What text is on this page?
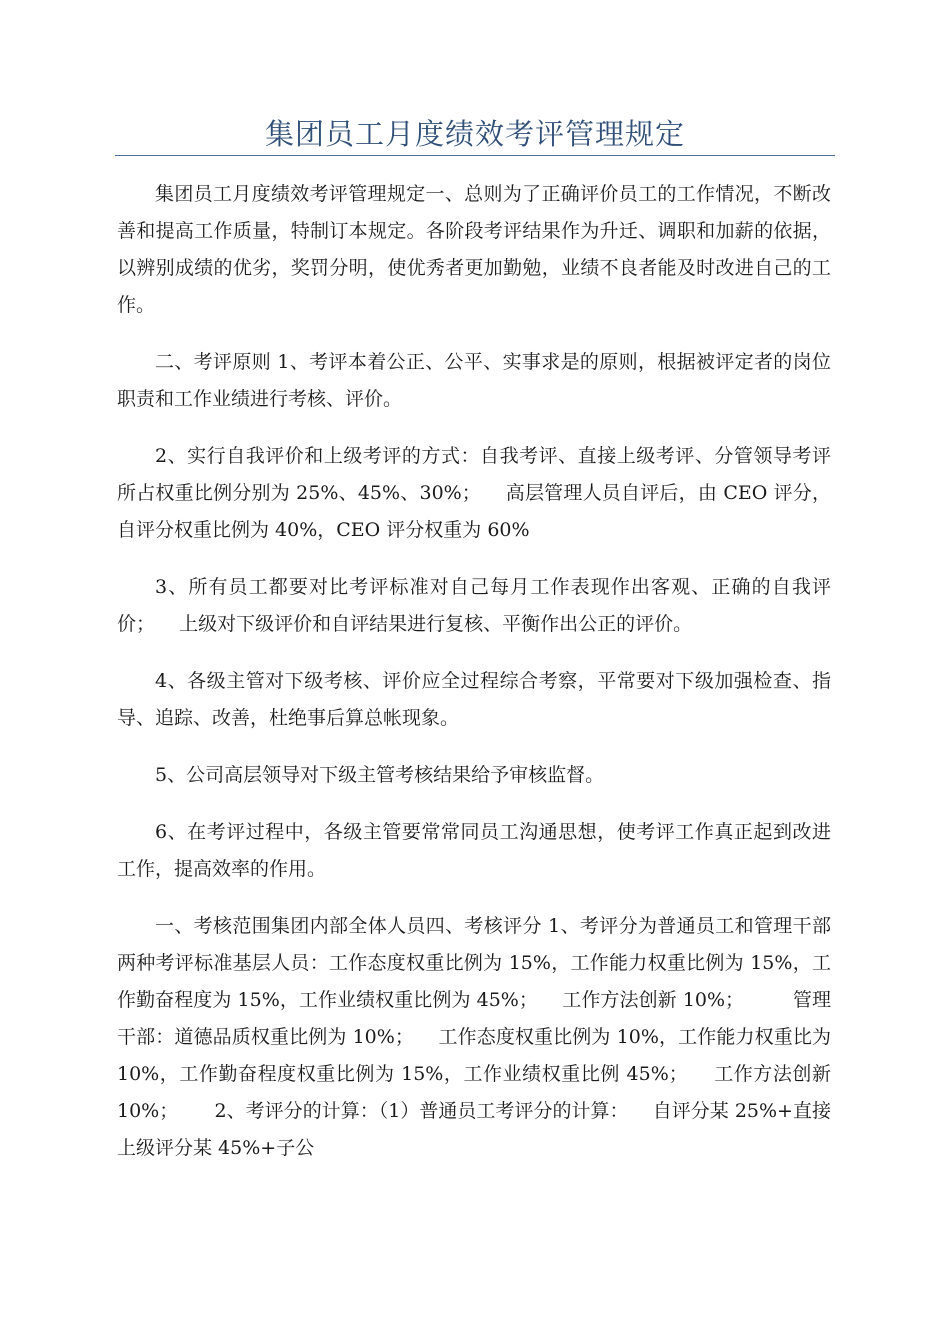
集团员工月度绩效考评管理规定

集团员工月度绩效考评管理规定一、总则为了正确评价员工的工作情况，不断改善和提高工作质量，特制订本规定。各阶段考评结果作为升迁、调职和加薪的依据，以辨别成绩的优劣，奖罚分明，使优秀者更加勤勉，业绩不良者能及时改进自己的工作。

二、考评原则 1、考评本着公正、公平、实事求是的原则，根据被评定者的岗位职责和工作业绩进行考核、评价。

2、实行自我评价和上级考评的方式：自我考评、直接上级考评、分管领导考评所占权重比例分别为 25%、45%、30%；    高层管理人员自评后，由 CEO 评分，自评分权重比例为 40%，CEO 评分权重为 60%

3、所有员工都要对比考评标准对自己每月工作表现作出客观、正确的自我评价；    上级对下级评价和自评结果进行复核、平衡作出公正的评价。

4、各级主管对下级考核、评价应全过程综合考察，平常要对下级加强检查、指导、追踪、改善，杜绝事后算总帐现象。

5、公司高层领导对下级主管考核结果给予审核监督。

6、在考评过程中，各级主管要常常同员工沟通思想，使考评工作真正起到改进工作，提高效率的作用。

一、考核范围集团内部全体人员四、考核评分 1、考评分为普通员工和管理干部两种考评标准基层人员：工作态度权重比例为 15%，工作能力权重比例为 15%，工作勤奋程度为 15%，工作业绩权重比例为 45%；    工作方法创新 10%；        管理干部：道德品质权重比例为 10%；    工作态度权重比例为 10%，工作能力权重比为 10%，工作勤奋程度权重比例为 15%，工作业绩权重比例 45%；    工作方法创新 10%；      2、考评分的计算：（1）普通员工考评分的计算：    自评分某 25%+直接上级评分某 45%+子公
